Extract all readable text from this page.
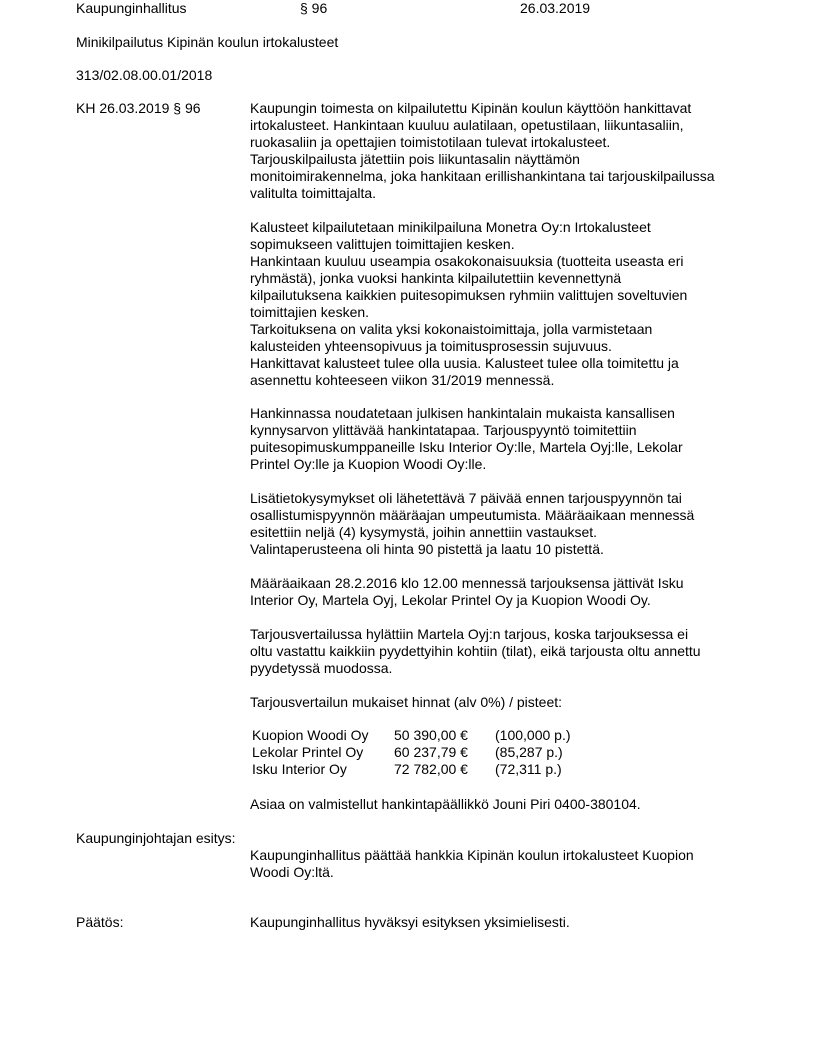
Kaupunginhallitus	§ 96	26.03.2019
Minikilpailutus Kipinän koulun irtokalusteet
313/02.08.00.01/2018
KH 26.03.2019 § 96	Kaupungin toimesta on kilpailutettu Kipinän koulun käyttöön hankittavat
irtokalusteet. Hankintaan kuuluu aulatilaan, opetustilaan, liikuntasaliin,
ruokasaliin ja opettajien toimistotilaan tulevat irtokalusteet.
Tarjouskilpailusta jätettiin pois liikuntasalin näyttämön
monitoimirakennelma, joka hankitaan erillishankintana tai tarjouskilpailussa
valitulta toimittajalta.
Kalusteet kilpailutetaan minikilpailuna Monetra Oy:n Irtokalusteet
sopimukseen valittujen toimittajien kesken.
Hankintaan kuuluu useampia osakokonaisuuksia (tuotteita useasta eri
ryhmästä), jonka vuoksi hankinta kilpailutettiin kevennettynä
kilpailutuksena kaikkien puitesopimuksen ryhmiin valittujen soveltuvien
toimittajien kesken.
Tarkoituksena on valita yksi kokonaistoimittaja, jolla varmistetaan
kalusteiden yhteensopivuus ja toimitusprosessin sujuvuus.
Hankittavat kalusteet tulee olla uusia. Kalusteet tulee olla toimitettu ja
asennettu kohteeseen viikon 31/2019 mennessä.
Hankinnassa noudatetaan julkisen hankintalain mukaista kansallisen
kynnysarvon ylittävää hankintatapaa. Tarjouspyyntö toimitettiin
puitesopimuskumppaneille Isku Interior Oy:lle, Martela Oyj:lle, Lekolar
Printel Oy:lle ja Kuopion Woodi Oy:lle.
Lisätietokysymykset oli lähetettävä 7 päivää ennen tarjouspyynnön tai
osallistumispyynnön määräajan umpeutumista. Määräaikaan mennessä
esitettiin neljä (4) kysymystä, joihin annettiin vastaukset.
Valintaperusteena oli hinta 90 pistettä ja laatu 10 pistettä.
Määräaikaan 28.2.2016 klo 12.00 mennessä tarjouksensa jättivät Isku
Interior Oy, Martela Oyj, Lekolar Printel Oy ja Kuopion Woodi Oy.
Tarjousvertailussa hylättiin Martela Oyj:n tarjous, koska tarjouksessa ei
oltu vastattu kaikkiin pyydettyihin kohtiin (tilat), eikä tarjousta oltu annettu
pyydetyssä muodossa.
Tarjousvertailun mukaiset hinnat (alv 0%) / pisteet:
Kuopion Woodi Oy	50 390,00 €	(100,000 p.)
Lekolar Printel Oy	60 237,79 €	(85,287 p.)
Isku Interior Oy	72 782,00 €	(72,311 p.)
Asiaa on valmistellut hankintapäällikkö Jouni Piri 0400-380104.
Kaupunginjohtajan esitys:
Kaupunginhallitus päättää hankkia Kipinän koulun irtokalusteet Kuopion
Woodi Oy:ltä.
Päätös:	Kaupunginhallitus hyväksyi esityksen yksimielisesti.
